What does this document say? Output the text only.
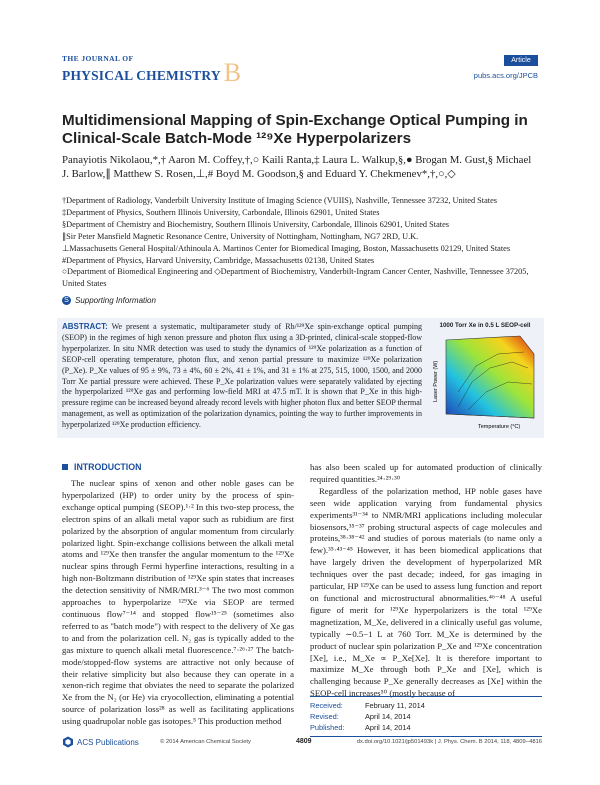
THE JOURNAL OF
PHYSICAL CHEMISTRY B	Article
pubs.acs.org/JPCB
Multidimensional Mapping of Spin-Exchange Optical Pumping in Clinical-Scale Batch-Mode ¹²⁹Xe Hyperpolarizers
Panayiotis Nikolaou,*,† Aaron M. Coffey,†,○ Kaili Ranta,‡ Laura L. Walkup,§,● Brogan M. Gust,§ Michael J. Barlow,∥ Matthew S. Rosen,⊥,# Boyd M. Goodson,§ and Eduard Y. Chekmenev*,†,○,◇
†Department of Radiology, Vanderbilt University Institute of Imaging Science (VUIIS), Nashville, Tennessee 37232, United States
‡Department of Physics, Southern Illinois University, Carbondale, Illinois 62901, United States
§Department of Chemistry and Biochemistry, Southern Illinois University, Carbondale, Illinois 62901, United States
∥Sir Peter Mansfield Magnetic Resonance Centre, University of Nottingham, Nottingham, NG7 2RD, U.K.
⊥Massachusetts General Hospital/Athinoula A. Martinos Center for Biomedical Imaging, Boston, Massachusetts 02129, United States
#Department of Physics, Harvard University, Cambridge, Massachusetts 02138, United States
○Department of Biomedical Engineering and ◇Department of Biochemistry, Vanderbilt-Ingram Cancer Center, Nashville, Tennessee 37205, United States
S Supporting Information
ABSTRACT: We present a systematic, multiparameter study of Rb/¹²⁹Xe spin-exchange optical pumping (SEOP) in the regimes of high xenon pressure and photon flux using a 3D-printed, clinical-scale stopped-flow hyperpolarizer. In situ NMR detection was used to study the dynamics of ¹²⁹Xe polarization as a function of SEOP-cell operating temperature, photon flux, and xenon partial pressure to maximize ¹²⁹Xe polarization (P_Xe). P_Xe values of 95 ± 9%, 73 ± 4%, 60 ± 2%, 41 ± 1%, and 31 ± 1% at 275, 515, 1000, 1500, and 2000 Torr Xe partial pressure were achieved. These P_Xe polarization values were separately validated by ejecting the hyperpolarized ¹²⁹Xe gas and performing low-field MRI at 47.5 mT. It is shown that P_Xe in this high-pressure regime can be increased beyond already record levels with higher photon flux and better SEOP thermal management, as well as optimization of the polarization dynamics, pointing the way to further improvements in hyperpolarized ¹²⁹Xe production efficiency.
1000 Torr Xe in 0.5 L SEOP-cell
Laser Power (W)
Temperature (°C)
INTRODUCTION

The nuclear spins of xenon and other noble gases can be hyperpolarized (HP) to order unity by the process of spin-exchange optical pumping (SEOP).¹·² In this two-step process, the electron spins of an alkali metal vapor such as rubidium are first polarized by the absorption of angular momentum from circularly polarized light. Spin-exchange collisions between the alkali metal atoms and ¹²⁹Xe then transfer the angular momentum to the ¹²⁹Xe nuclear spins through Fermi hyperfine interactions, resulting in a high non-Boltzmann distribution of ¹²⁹Xe spin states that increases the detection sensitivity of NMR/MRI.³⁻⁶ The two most common approaches to hyperpolarize ¹²⁹Xe via SEOP are termed continuous flow⁷⁻¹⁴ and stopped flow¹⁵⁻²⁵ (sometimes also referred to as "batch mode") with respect to the delivery of Xe gas to and from the polarization cell. N₂ gas is typically added to the gas mixture to quench alkali metal fluorescence.⁷·²⁶·²⁷ The batch-mode/stopped-flow systems are attractive not only because of their relative simplicity but also because they can operate in a xenon-rich regime that obviates the need to separate the polarized Xe from the N₂ (or He) via cryocollection, eliminating a potential source of polarization loss²⁸ as well as facilitating applications using quadrupolar noble gas isotopes.⁵ This production method

has also been scaled up for automated production of clinically required quantities.²⁴·²⁹·³⁰

Regardless of the polarization method, HP noble gases have seen wide application varying from fundamental physics experiments³¹⁻³⁴ to NMR/MRI applications including molecular biosensors,³⁵⁻³⁷ probing structural aspects of cage molecules and proteins,³⁸·³⁸⁻⁴² and studies of porous materials (to name only a few).³⁵·⁴³⁻⁴⁵ However, it has been biomedical applications that have largely driven the development of hyperpolarized MR techniques over the past decade; indeed, for gas imaging in particular, HP ¹²⁹Xe can be used to assess lung function and report on functional and microstructural abnormalities.⁴⁶⁻⁴⁸ A useful figure of merit for ¹²⁹Xe hyperpolarizers is the total ¹²⁹Xe magnetization, M_Xe, delivered in a clinically useful gas volume, typically ∼0.5−1 L at 760 Torr. M_Xe is determined by the product of nuclear spin polarization P_Xe and ¹²⁹Xe concentration [Xe], i.e., M_Xe ∝ P_Xe[Xe]. It is therefore important to maximize M_Xe through both P_Xe and [Xe], which is challenging because P_Xe generally decreases as [Xe] within the SEOP-cell increases⁵⁰ (mostly because of

Received:	February 11, 2014
Revised:	April 14, 2014
Published:	April 14, 2014
ACS Publications	© 2014 American Chemical Society	4809	dx.doi.org/10.1021/jp501493k | J. Phys. Chem. B 2014, 118, 4809−4816
